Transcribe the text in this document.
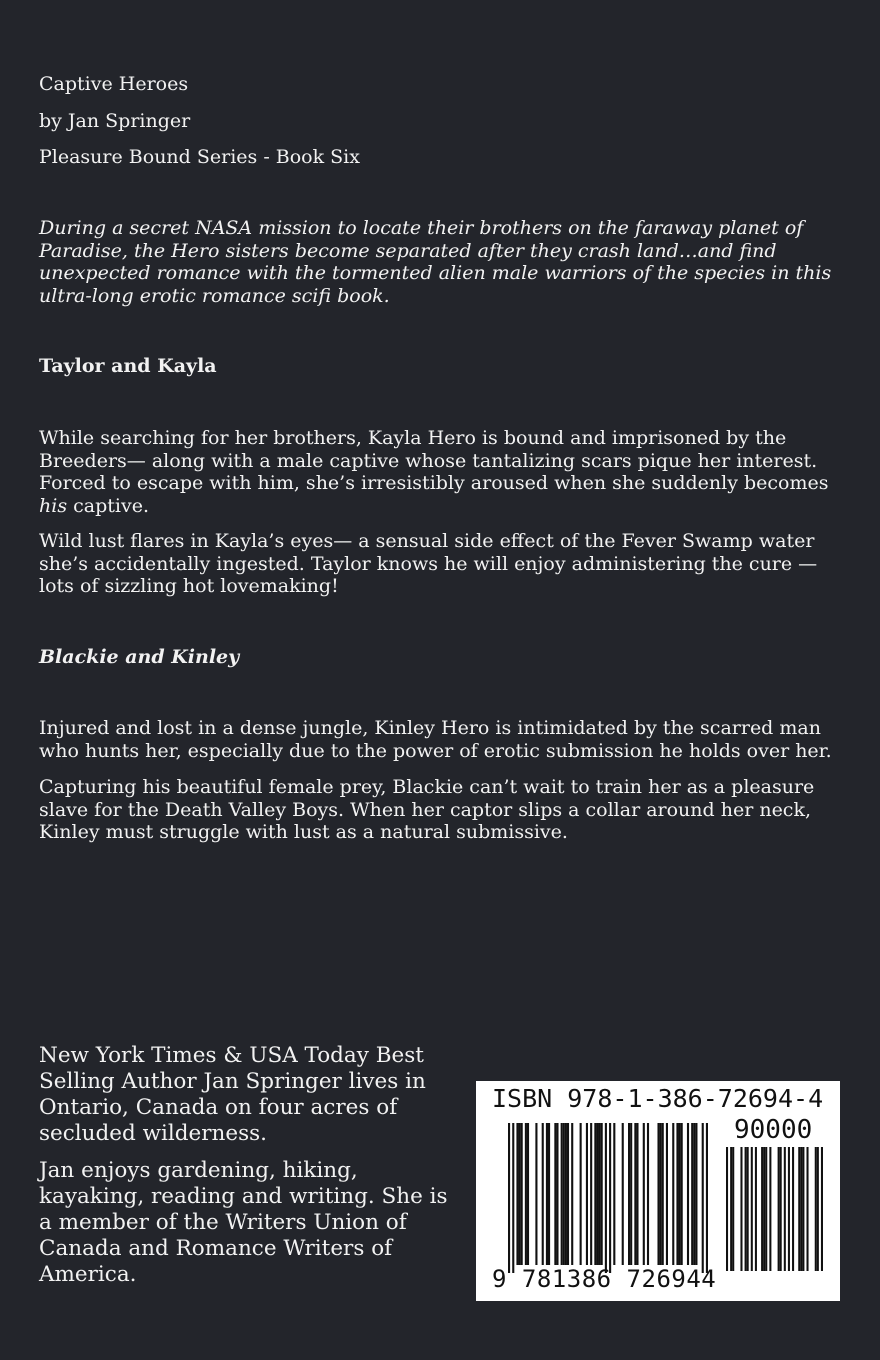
Captive Heroes

by Jan Springer

Pleasure Bound Series - Book Six

During a secret NASA mission to locate their brothers on the faraway planet of Paradise, the Hero sisters become separated after they crash land…and find unexpected romance with the tormented alien male warriors of the species in this ultra-long erotic romance scifi book.

Taylor and Kayla

While searching for her brothers, Kayla Hero is bound and imprisoned by the Breeders— along with a male captive whose tantalizing scars pique her interest. Forced to escape with him, she’s irresistibly aroused when she suddenly becomes his captive.

Wild lust flares in Kayla’s eyes— a sensual side effect of the Fever Swamp water she’s accidentally ingested. Taylor knows he will enjoy administering the cure — lots of sizzling hot lovemaking!

Blackie and Kinley

Injured and lost in a dense jungle, Kinley Hero is intimidated by the scarred man who hunts her, especially due to the power of erotic submission he holds over her.

Capturing his beautiful female prey, Blackie can’t wait to train her as a pleasure slave for the Death Valley Boys. When her captor slips a collar around her neck, Kinley must struggle with lust as a natural submissive.

New York Times & USA Today Best Selling Author Jan Springer lives in Ontario, Canada on four acres of secluded wilderness.

Jan enjoys gardening, hiking, kayaking, reading and writing. She is a member of the Writers Union of Canada and Romance Writers of America.

ISBN 978-1-386-72694-4

90000

9 781386 726944
